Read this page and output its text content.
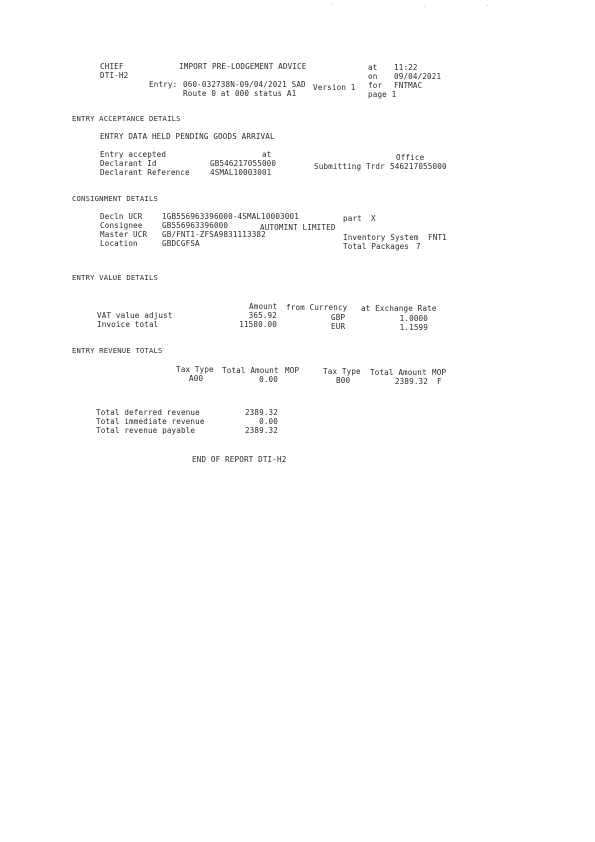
CHIEF
DTI-H2
IMPORT PRE-LODGEMENT ADVICE
Entry: 060-032738N-09/04/2021 SAD Version 1
Route 0 at 000 status A1
at 11:22
on 09/04/2021
for FNTMAC
page 1
ENTRY ACCEPTANCE DETAILS
ENTRY DATA HELD PENDING GOODS ARRIVAL
Entry accepted	at	Office
Declarant Id	GB546217055000	Submitting Trdr 546217055000
Declarant Reference	4SMAL10003001
CONSIGNMENT DETAILS
Decln UCR	1GB556963396000-4SMAL10003001	part X
Consignee	GB556963396000	AUTOMINT LIMITED
Master UCR GB/FNT1-ZFSA9831113382	Inventory System FNT1
Location	GBDCGFSA	Total Packages 7
ENTRY VALUE DETAILS
Amount from Currency at Exchange Rate
VAT value adjust	365.92	GBP	1.0000
Invoice total	11580.00	EUR	1.1599
ENTRY REVENUE TOTALS
Tax Type Total Amount MOP
A00	0.00
Tax Type Total Amount MOP
B00	2389.32 F
Total deferred revenue	2389.32
Total immediate revenue	0.00
Total revenue payable	2389.32
END OF REPORT DTI-H2
